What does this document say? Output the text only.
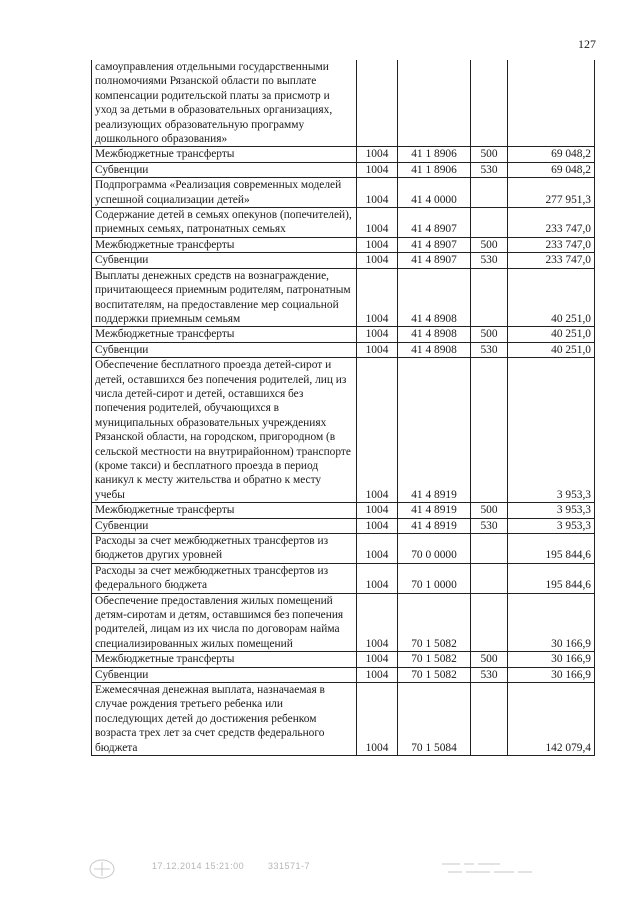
127
самоуправления отдельными государственными полномочиями Рязанской области по выплате компенсации родительской платы за присмотр и уход за детьми в образовательных организациях, реализующих образовательную программу дошкольного образования»				
Межбюджетные трансферты	1004	41 1 8906	500	69 048,2
Субвенции	1004	41 1 8906	530	69 048,2
Подпрограмма «Реализация современных моделей успешной социализации детей»	1004	41 4 0000		277 951,3
Содержание детей в семьях опекунов (попечителей), приемных семьях, патронатных семьях	1004	41 4 8907		233 747,0
Межбюджетные трансферты	1004	41 4 8907	500	233 747,0
Субвенции	1004	41 4 8907	530	233 747,0
Выплаты денежных средств на вознаграждение, причитающееся приемным родителям, патронатным воспитателям, на предоставление мер социальной поддержки приемным семьям	1004	41 4 8908		40 251,0
Межбюджетные трансферты	1004	41 4 8908	500	40 251,0
Субвенции	1004	41 4 8908	530	40 251,0
Обеспечение бесплатного проезда детей-сирот и детей, оставшихся без попечения родителей, лиц из числа детей-сирот и детей, оставшихся без попечения родителей, обучающихся в муниципальных образовательных учреждениях Рязанской области, на городском, пригородном (в сельской местности на внутрирайонном) транспорте (кроме такси) и бесплатного проезда в период каникул к месту жительства и обратно к месту учебы	1004	41 4 8919		3 953,3
Межбюджетные трансферты	1004	41 4 8919	500	3 953,3
Субвенции	1004	41 4 8919	530	3 953,3
Расходы за счет межбюджетных трансфертов из бюджетов других уровней	1004	70 0 0000		195 844,6
Расходы за счет межбюджетных трансфертов из федерального бюджета	1004	70 1 0000		195 844,6
Обеспечение предоставления жилых помещений детям-сиротам и детям, оставшимся без попечения родителей, лицам из их числа по договорам найма специализированных жилых помещений	1004	70 1 5082		30 166,9
Межбюджетные трансферты	1004	70 1 5082	500	30 166,9
Субвенции	1004	70 1 5082	530	30 166,9
Ежемесячная денежная выплата, назначаемая в случае рождения третьего ребенка или последующих детей до достижения ребенком возраста трех лет за счет средств федерального бюджета	1004	70 1 5084		142 079,4
17.12.2014 15:21:00	331571-7
